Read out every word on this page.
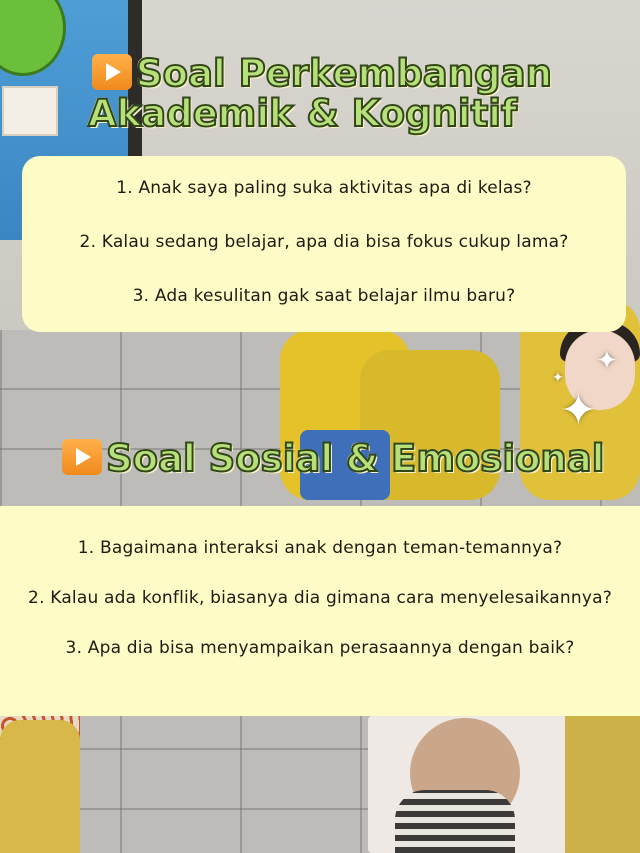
✦
✦
✦
Soal Perkembangan
Akademik & Kognitif
1. Anak saya paling suka aktivitas apa di kelas?
2. Kalau sedang belajar, apa dia bisa fokus cukup lama?
3. Ada kesulitan gak saat belajar ilmu baru?
Soal Sosial & Emosional
1. Bagaimana interaksi anak dengan teman-temannya?
2. Kalau ada konflik, biasanya dia gimana cara menyelesaikannya?
3. Apa dia bisa menyampaikan perasaannya dengan baik?
